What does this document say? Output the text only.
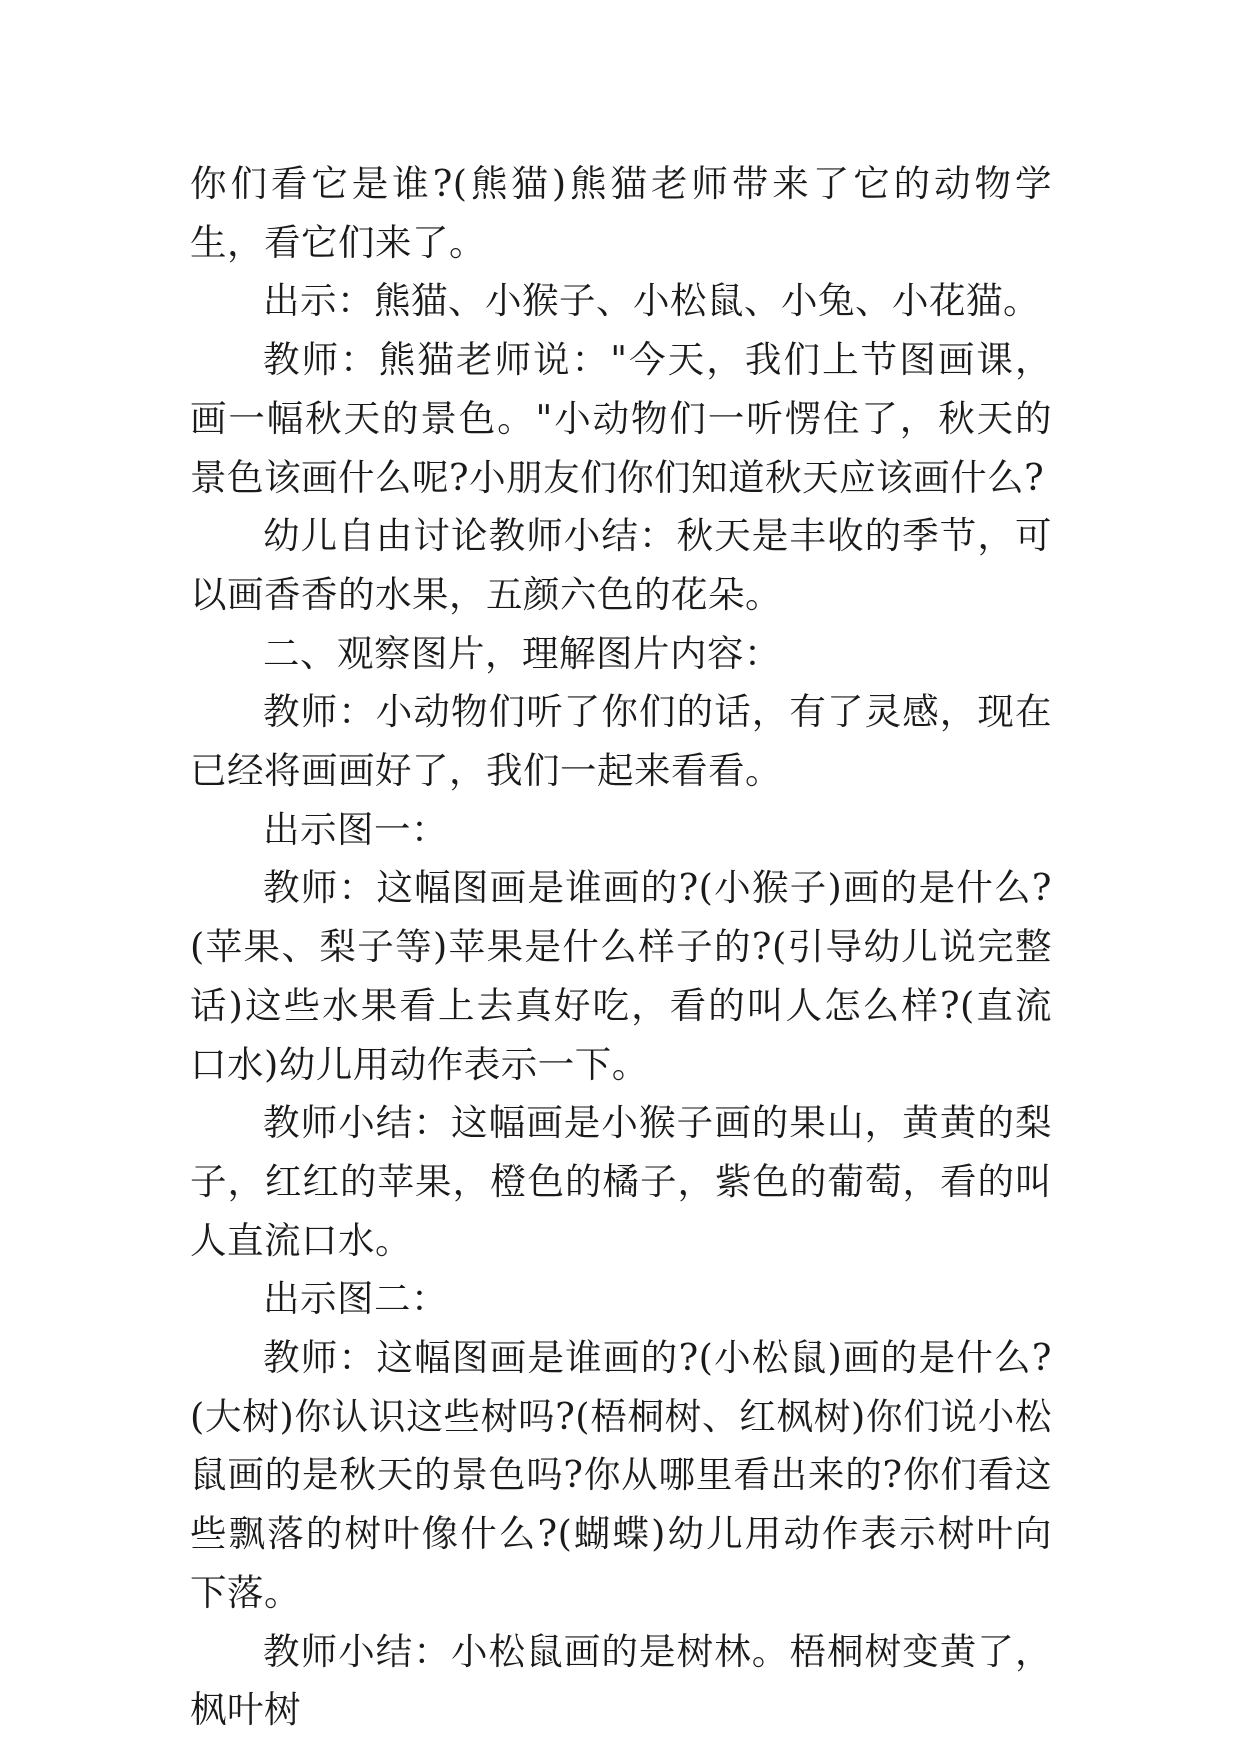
你们看它是谁?(熊猫)熊猫老师带来了它的动物学生，看它们来了。

出示：熊猫、小猴子、小松鼠、小兔、小花猫。

教师：熊猫老师说："今天，我们上节图画课，画一幅秋天的景色。"小动物们一听愣住了，秋天的景色该画什么呢?小朋友们你们知道秋天应该画什么?

幼儿自由讨论教师小结：秋天是丰收的季节，可以画香香的水果，五颜六色的花朵。

二、观察图片，理解图片内容：

教师：小动物们听了你们的话，有了灵感，现在已经将画画好了，我们一起来看看。

出示图一：

教师：这幅图画是谁画的?(小猴子)画的是什么?(苹果、梨子等)苹果是什么样子的?(引导幼儿说完整话)这些水果看上去真好吃，看的叫人怎么样?(直流口水)幼儿用动作表示一下。

教师小结：这幅画是小猴子画的果山，黄黄的梨子，红红的苹果，橙色的橘子，紫色的葡萄，看的叫人直流口水。

出示图二：

教师：这幅图画是谁画的?(小松鼠)画的是什么?(大树)你认识这些树吗?(梧桐树、红枫树)你们说小松鼠画的是秋天的景色吗?你从哪里看出来的?你们看这些飘落的树叶像什么?(蝴蝶)幼儿用动作表示树叶向下落。

教师小结：小松鼠画的是树林。梧桐树变黄了，枫叶树
